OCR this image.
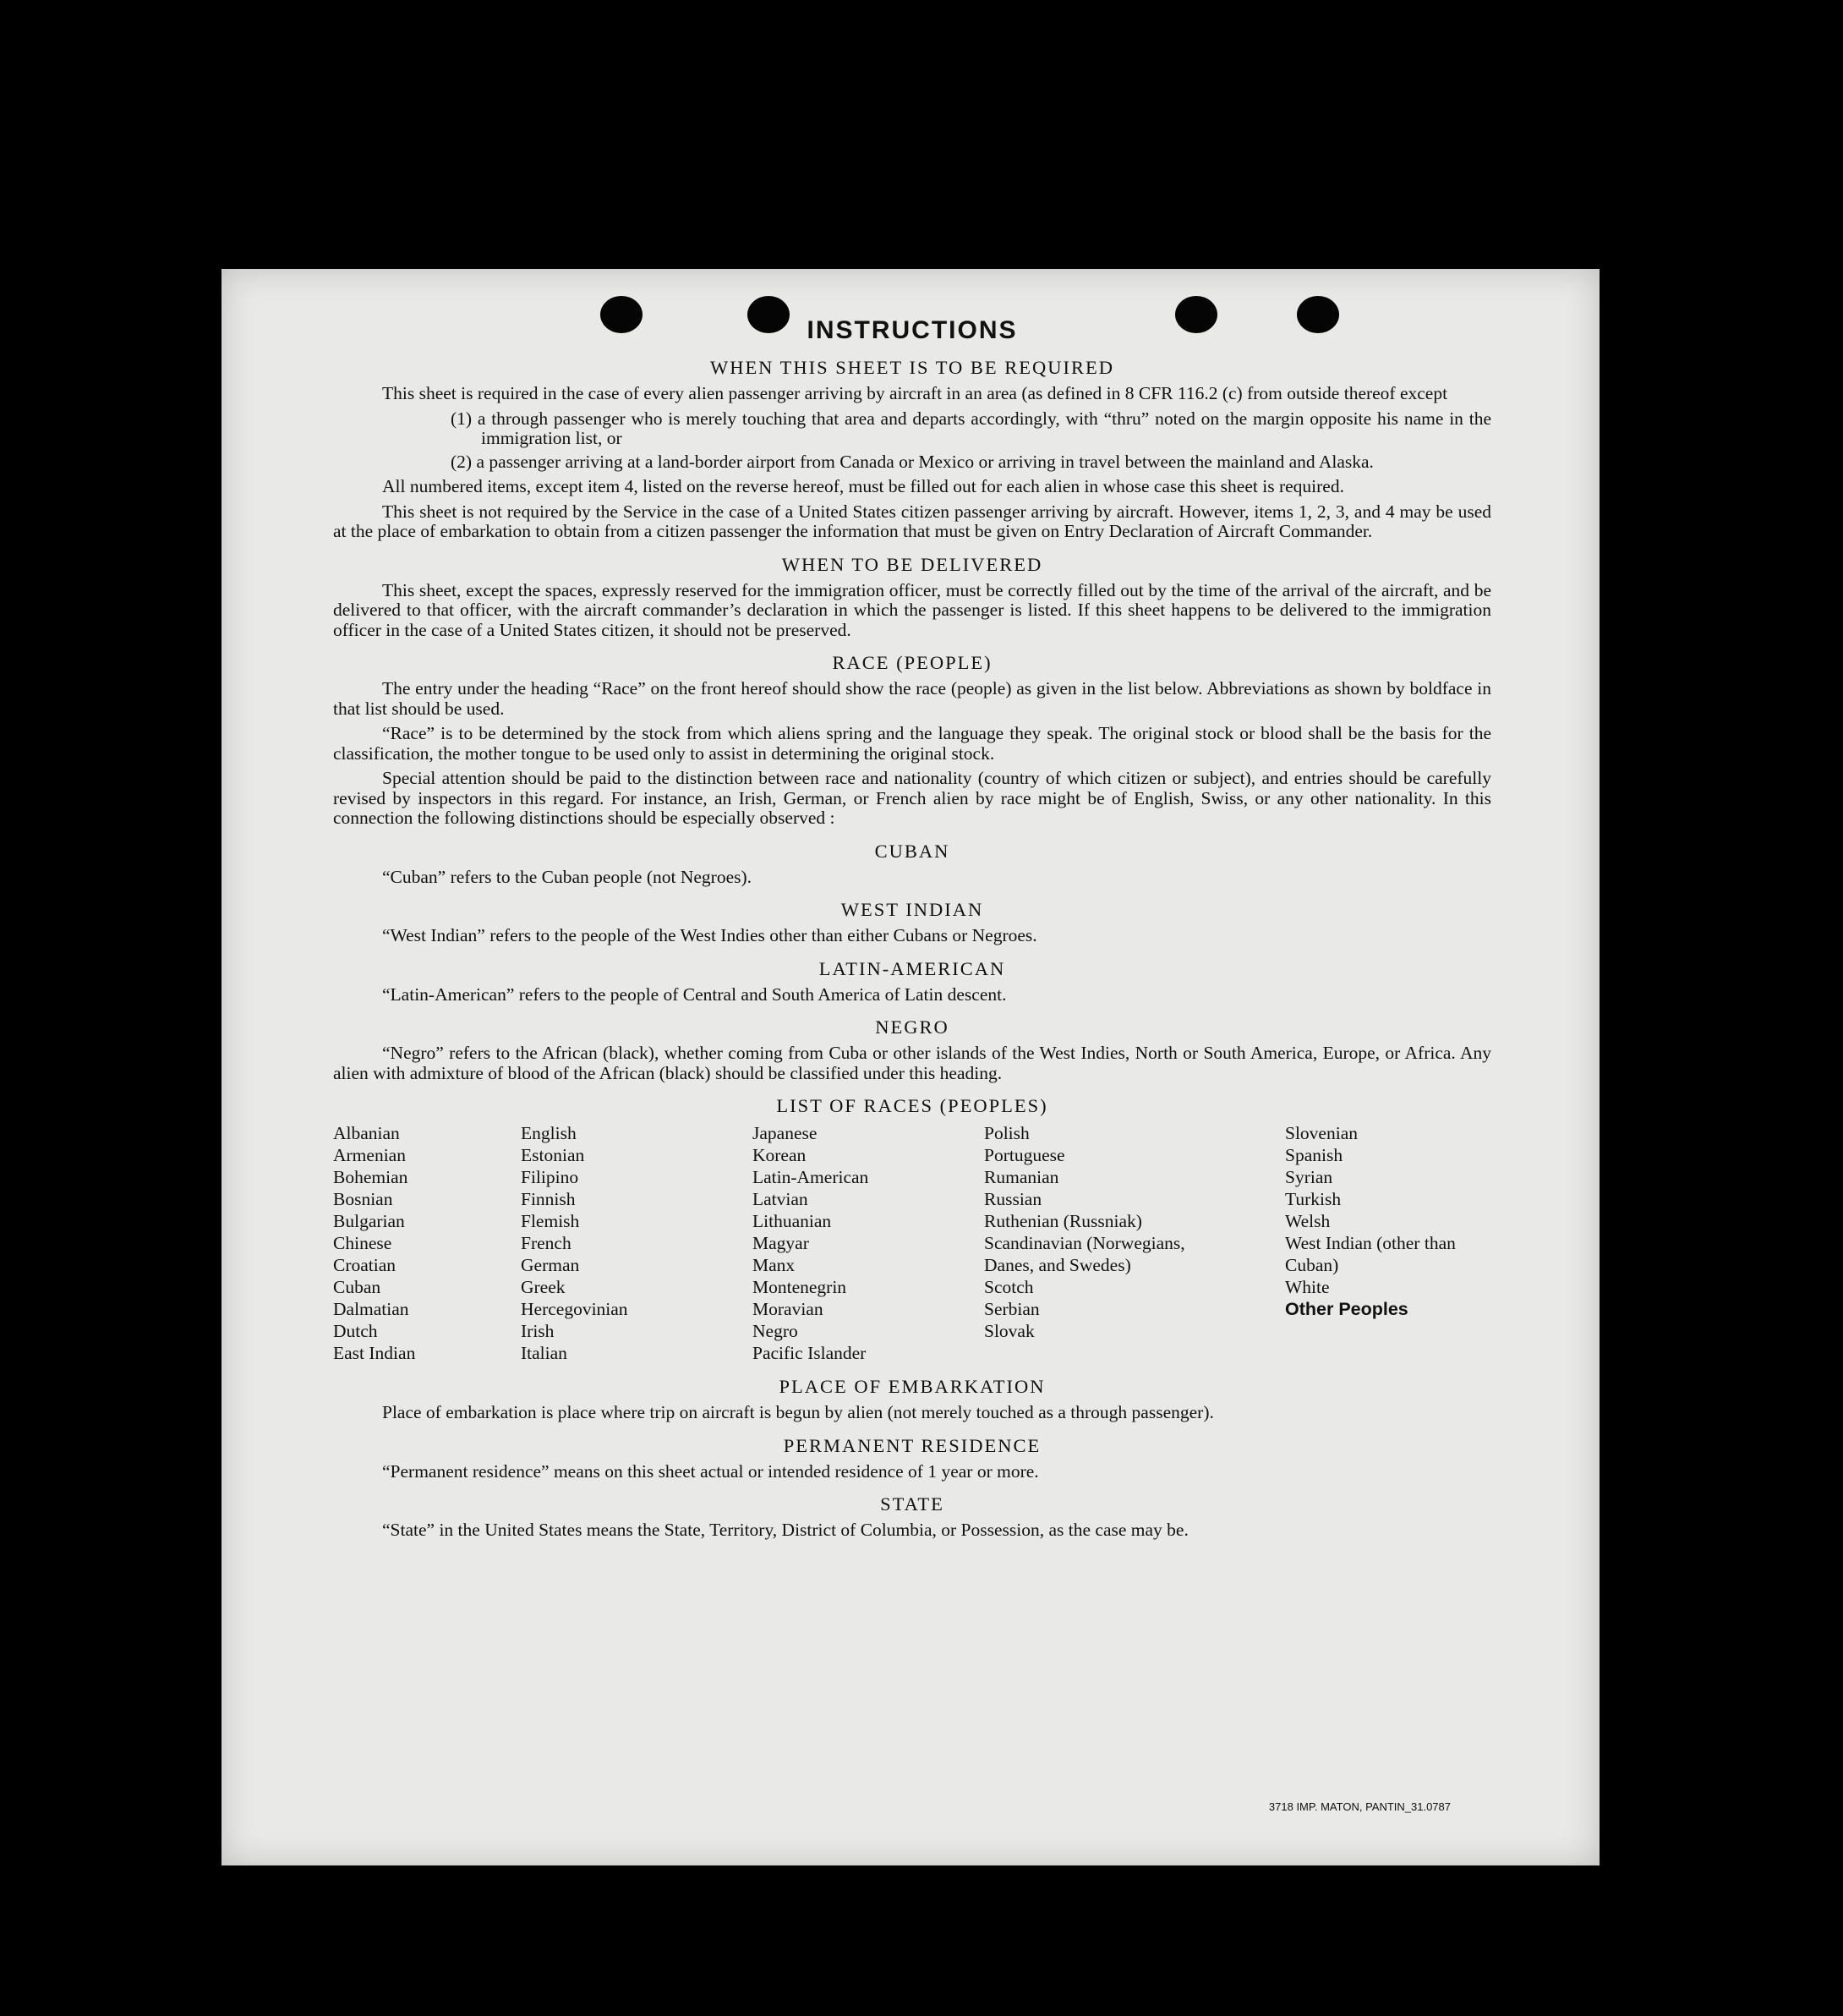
INSTRUCTIONS
WHEN THIS SHEET IS TO BE REQUIRED

This sheet is required in the case of every alien passenger arriving by aircraft in an area (as defined in 8 CFR 116.2 (c) from outside thereof except

(1) a through passenger who is merely touching that area and departs accordingly, with “thru” noted on the margin opposite his name in the immigration list, or
(2) a passenger arriving at a land-border airport from Canada or Mexico or arriving in travel between the mainland and Alaska.

All numbered items, except item 4, listed on the reverse hereof, must be filled out for each alien in whose case this sheet is required.

This sheet is not required by the Service in the case of a United States citizen passenger arriving by aircraft. However, items 1, 2, 3, and 4 may be used at the place of embarkation to obtain from a citizen passenger the information that must be given on Entry Declaration of Aircraft Commander.

WHEN TO BE DELIVERED

This sheet, except the spaces, expressly reserved for the immigration officer, must be correctly filled out by the time of the arrival of the aircraft, and be delivered to that officer, with the aircraft commander’s declaration in which the passenger is listed. If this sheet happens to be delivered to the immigration officer in the case of a United States citizen, it should not be preserved.

RACE (PEOPLE)

The entry under the heading “Race” on the front hereof should show the race (people) as given in the list below. Abbreviations as shown by boldface in that list should be used.

“Race” is to be determined by the stock from which aliens spring and the language they speak. The original stock or blood shall be the basis for the classification, the mother tongue to be used only to assist in determining the original stock.

Special attention should be paid to the distinction between race and nationality (country of which citizen or subject), and entries should be carefully revised by inspectors in this regard. For instance, an Irish, German, or French alien by race might be of English, Swiss, or any other nationality. In this connection the following distinctions should be especially observed :

CUBAN

“Cuban” refers to the Cuban people (not Negroes).

WEST INDIAN

“West Indian” refers to the people of the West Indies other than either Cubans or Negroes.

LATIN-AMERICAN

“Latin-American” refers to the people of Central and South America of Latin descent.

NEGRO

“Negro” refers to the African (black), whether coming from Cuba or other islands of the West Indies, North or South America, Europe, or Africa. Any alien with admixture of blood of the African (black) should be classified under this heading.

LIST OF RACES (PEOPLES)
Albanian
Armenian
Bohemian
Bosnian
Bulgarian
Chinese
Croatian
Cuban
Dalmatian
Dutch
East Indian
English
Estonian
Filipino
Finnish
Flemish
French
German
Greek
Hercegovinian
Irish
Italian
Japanese
Korean
Latin-American
Latvian
Lithuanian
Magyar
Manx
Montenegrin
Moravian
Negro
Pacific Islander
Polish
Portuguese
Rumanian
Russian
Ruthenian (Russniak)
Scandinavian (Norwegians, Danes, and Swedes)
Scotch
Serbian
Slovak
Slovenian
Spanish
Syrian
Turkish
Welsh
West Indian (other than Cuban)
White
Other Peoples
PLACE OF EMBARKATION

Place of embarkation is place where trip on aircraft is begun by alien (not merely touched as a through passenger).

PERMANENT RESIDENCE

“Permanent residence” means on this sheet actual or intended residence of 1 year or more.

STATE

“State” in the United States means the State, Territory, District of Columbia, or Possession, as the case may be.

3718 IMP. MATON, PANTIN_31.0787
